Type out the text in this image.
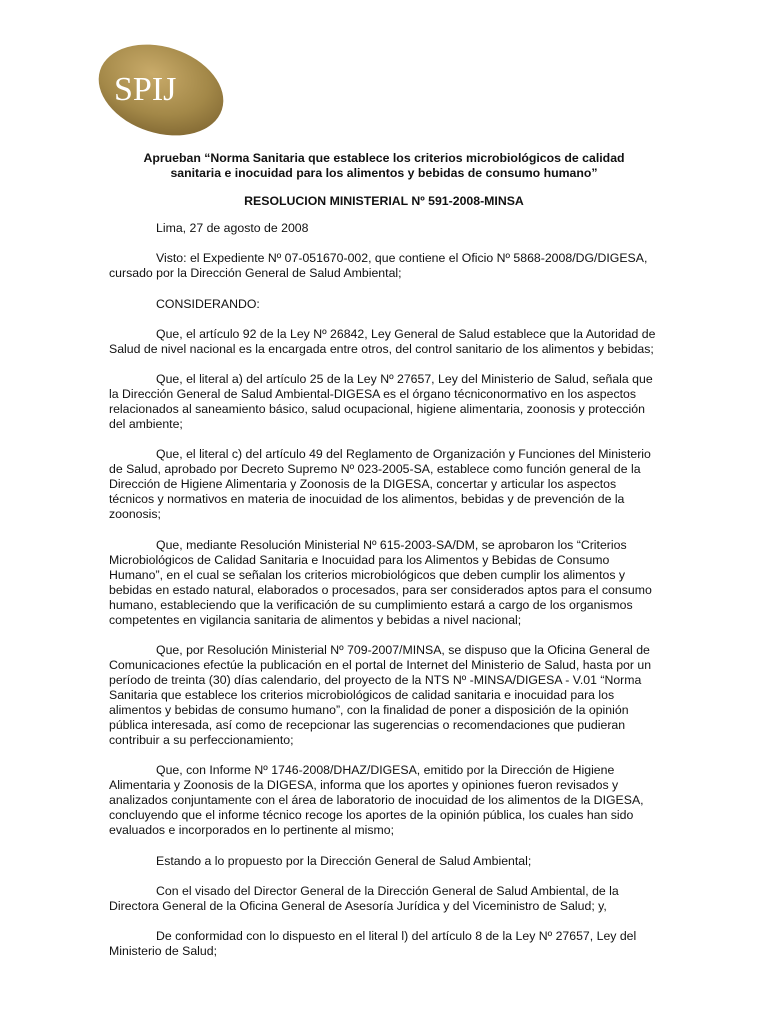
SPIJ
Aprueban “Norma Sanitaria que establece los criterios microbiológicos de calidad
sanitaria e inocuidad para los alimentos y bebidas de consumo humano”
RESOLUCION MINISTERIAL Nº 591-2008-MINSA

Lima, 27 de agosto de 2008

Visto: el Expediente Nº 07-051670-002, que contiene el Oficio Nº 5868-2008/DG/DIGESA, cursado por la Dirección General de Salud Ambiental;

CONSIDERANDO:

Que, el artículo 92 de la Ley Nº 26842, Ley General de Salud establece que la Autoridad de Salud de nivel nacional es la encargada entre otros, del control sanitario de los alimentos y bebidas;

Que, el literal a) del artículo 25 de la Ley Nº 27657, Ley del Ministerio de Salud, señala que la Dirección General de Salud Ambiental-DIGESA es el órgano técniconormativo en los aspectos relacionados al saneamiento básico, salud ocupacional, higiene alimentaria, zoonosis y protección del ambiente;

Que, el literal c) del artículo 49 del Reglamento de Organización y Funciones del Ministerio de Salud, aprobado por Decreto Supremo Nº 023-2005-SA, establece como función general de la Dirección de Higiene Alimentaria y Zoonosis de la DIGESA, concertar y articular los aspectos técnicos y normativos en materia de inocuidad de los alimentos, bebidas y de prevención de la zoonosis;

Que, mediante Resolución Ministerial Nº 615-2003-SA/DM, se aprobaron los “Criterios Microbiológicos de Calidad Sanitaria e Inocuidad para los Alimentos y Bebidas de Consumo Humano”, en el cual se señalan los criterios microbiológicos que deben cumplir los alimentos y bebidas en estado natural, elaborados o procesados, para ser considerados aptos para el consumo humano, estableciendo que la verificación de su cumplimiento estará a cargo de los organismos competentes en vigilancia sanitaria de alimentos y bebidas a nivel nacional;

Que, por Resolución Ministerial Nº 709-2007/MINSA, se dispuso que la Oficina General de Comunicaciones efectúe la publicación en el portal de Internet del Ministerio de Salud, hasta por un período de treinta (30) días calendario, del proyecto de la NTS Nº -MINSA/DIGESA - V.01 “Norma Sanitaria que establece los criterios microbiológicos de calidad sanitaria e inocuidad para los alimentos y bebidas de consumo humano”, con la finalidad de poner a disposición de la opinión pública interesada, así como de recepcionar las sugerencias o recomendaciones que pudieran contribuir a su perfeccionamiento;

Que, con Informe Nº 1746-2008/DHAZ/DIGESA, emitido por la Dirección de Higiene Alimentaria y Zoonosis de la DIGESA, informa que los aportes y opiniones fueron revisados y analizados conjuntamente con el área de laboratorio de inocuidad de los alimentos de la DIGESA, concluyendo que el informe técnico recoge los aportes de la opinión pública, los cuales han sido evaluados e incorporados en lo pertinente al mismo;

Estando a lo propuesto por la Dirección General de Salud Ambiental;

Con el visado del Director General de la Dirección General de Salud Ambiental, de la Directora General de la Oficina General de Asesoría Jurídica y del Viceministro de Salud; y,

De conformidad con lo dispuesto en el literal l) del artículo 8 de la Ley Nº 27657, Ley del Ministerio de Salud;
